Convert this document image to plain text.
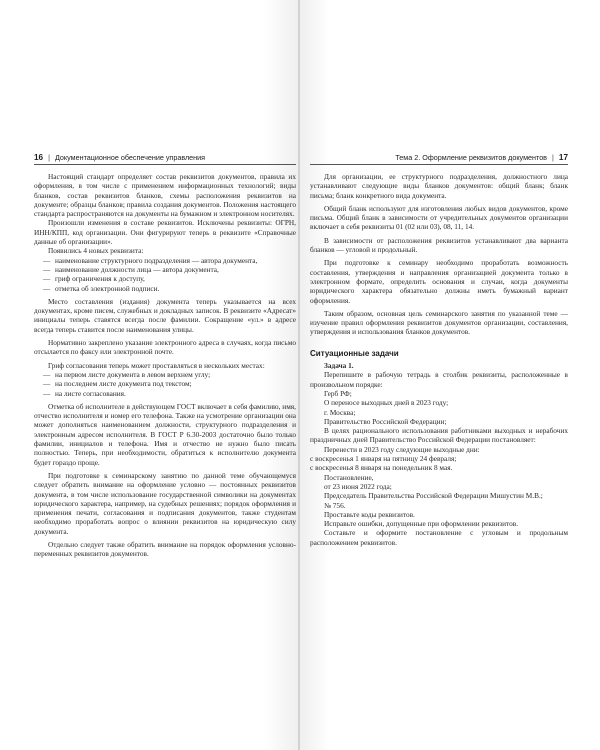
16 | Документационное обеспечение управления

Настоящий стандарт определяет состав реквизитов документов, правила их оформления, в том числе с применением информационных технологий; виды бланков, состав реквизитов бланков, схемы расположения реквизитов на документе; образцы бланков; правила создания документов. Положения настоящего стандарта распространяются на документы на бумажном и электронном носителях.

Произошли изменения в составе реквизитов. Исключены реквизиты: ОГРН, ИНН/КПП, код организации. Они фигурируют теперь в реквизите «Справочные данные об организации».

Появились 4 новых реквизита:

— наименование структурного подразделения — автора документа,

— наименование должности лица — автора документа,

— гриф ограничения к доступу,

— отметка об электронной подписи.

Место составления (издания) документа теперь указывается на всех документах, кроме писем, служебных и докладных записок. В реквизите «Адресат» инициалы теперь ставятся всегда после фамилии. Сокращение «ул.» в адресе всегда теперь ставится после наименования улицы.

Нормативно закреплено указание электронного адреса в случаях, когда письмо отсылается по факсу или электронной почте.

Гриф согласования теперь может проставляться в нескольких местах:

— на первом листе документа в левом верхнем углу;

— на последнем листе документа под текстом;

— на листе согласования.

Отметка об исполнителе в действующем ГОСТ включает в себя фамилию, имя, отчество исполнителя и номер его телефона. Также на усмотрение организации она может дополняться наименованием должности, структурного подразделения и электронным адресом исполнителя. В ГОСТ Р 6.30-2003 достаточно было только фамилии, инициалов и телефона. Имя и отчество не нужно было писать полностью. Теперь, при необходимости, обратиться к исполнителю документа будет гораздо проще.

При подготовке к семинарскому занятию по данной теме обучающемуся следует обратить внимание на оформление условно — постоянных реквизитов документа, в том числе использование государственной символики на документах юридического характера, например, на судебных решениях; порядок оформления и применения печати, согласования и подписания документов, также студентам необходимо проработать вопрос о влиянии реквизитов на юридическую силу документа.

Отдельно следует также обратить внимание на порядок оформления условно-переменных реквизитов документов.

Тема 2. Оформление реквизитов документов | 17

Для организации, ее структурного подразделения, должностного лица устанавливают следующие виды бланков документов: общий бланк; бланк письма; бланк конкретного вида документа.

Общий бланк используют для изготовления любых видов документов, кроме письма. Общий бланк в зависимости от учредительных документов организации включает в себя реквизиты 01 (02 или 03), 08, 11, 14.

В зависимости от расположения реквизитов устанавливают два варианта бланков — угловой и продольный.

При подготовке к семинару необходимо проработать возможность составления, утверждения и направления организацией документа только в электронном формате, определить основания и случаи, когда документы юридического характера обязательно должны иметь бумажный вариант оформления.

Таким образом, основная цель семинарского занятия по указанной теме — изучение правил оформления реквизитов документов организации, составления, утверждения и использования бланков документов.

Ситуационные задачи

Задача 1.

Перепишите в рабочую тетрадь в столбик реквизиты, расположенные в произвольном порядке:

Герб РФ;

О переносе выходных дней в 2023 году;

г. Москва;

Правительство Российской Федерации;

В целях рационального использования работниками выходных и нерабочих праздничных дней Правительство Российской Федерации постановляет:

Перенести в 2023 году следующие выходные дни:

с воскресенья 1 января на пятницу 24 февраля;

с воскресенья 8 января на понедельник 8 мая.

Постановление,

от 23 июня 2022 года;

Председатель Правительства Российской Федерации Мишустин М.В.;

№ 756.

Проставьте коды реквизитов.

Исправьте ошибки, допущенные при оформлении реквизитов.

Составьте и оформите постановление с угловым и продольным расположением реквизитов.
